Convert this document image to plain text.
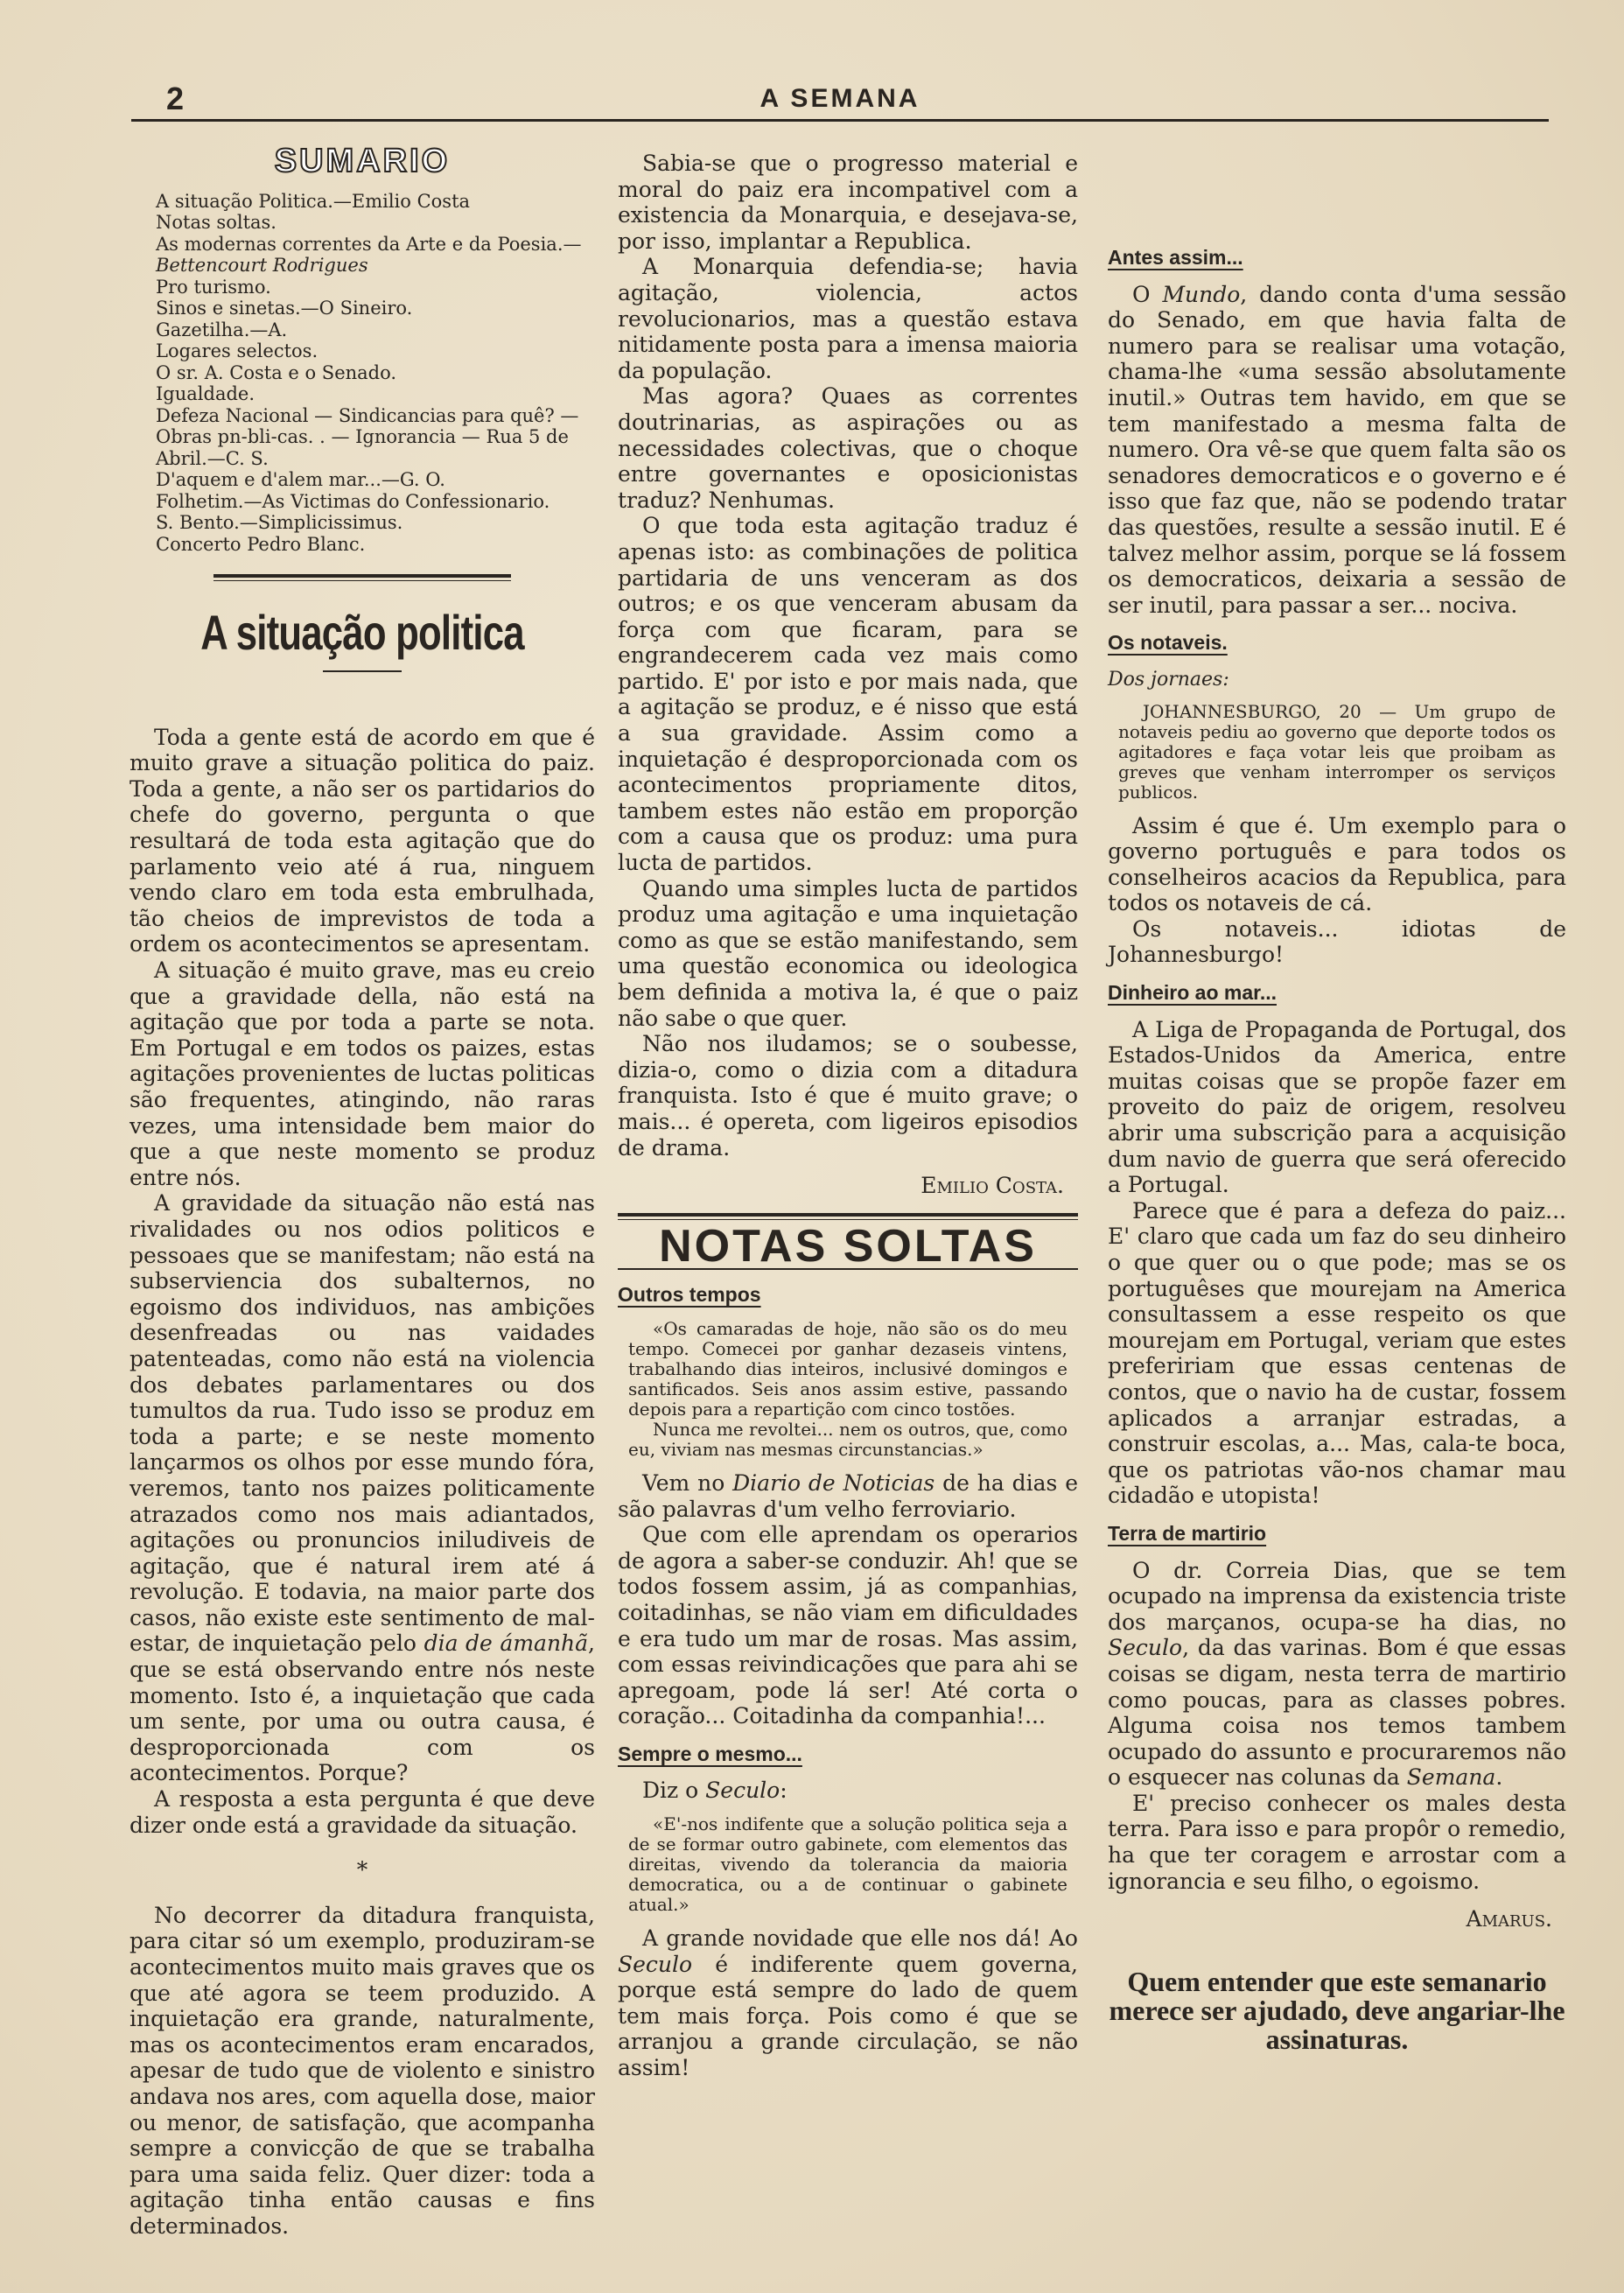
2	A SEMANA
SUMARIO
A situação Politica.—Emilio Costa
Notas soltas.
As modernas correntes da Arte e da Poesia.—
Bettencourt Rodrigues
Pro turismo.
Sinos e sinetas.—O Sineiro.
Gazetilha.—A.
Logares selectos.
O sr. A. Costa e o Senado.
Igualdade.
Defeza Nacional — Sindicancias para quê? —
Obras pn-bli-cas. . — Ignorancia — Rua 5 de
Abril.—C. S.
D'aquem e d'alem mar...—G. O.
Folhetim.—As Victimas do Confessionario.
S. Bento.—Simplicissimus.
Concerto Pedro Blanc.
A situação politica

Toda a gente está de acordo em que é muito grave a situação politica do paiz. Toda a gente, a não ser os partidarios do chefe do governo, pergunta o que resultará de toda esta agitação que do parlamento veio até á rua, ninguem vendo claro em toda esta embrulhada, tão cheios de imprevistos de toda a ordem os acontecimentos se apresentam.

A situação é muito grave, mas eu creio que a gravidade della, não está na agitação que por toda a parte se nota. Em Portugal e em todos os paizes, estas agitações provenientes de luctas politicas são frequentes, atingindo, não raras vezes, uma intensidade bem maior do que a que neste momento se produz entre nós.

A gravidade da situação não está nas rivalidades ou nos odios politicos e pessoaes que se manifestam; não está na subserviencia dos subalternos, no egoismo dos individuos, nas ambições desenfreadas ou nas vaidades patenteadas, como não está na violencia dos debates parlamentares ou dos tumultos da rua. Tudo isso se produz em toda a parte; e se neste momento lançarmos os olhos por esse mundo fóra, veremos, tanto nos paizes politicamente atrazados como nos mais adiantados, agitações ou pronuncios iniludiveis de agitação, que é natural irem até á revolução. E todavia, na maior parte dos casos, não existe este sentimento de mal-estar, de inquietação pelo dia de ámanhã, que se está observando entre nós neste momento. Isto é, a inquietação que cada um sente, por uma ou outra causa, é desproporcionada com os acontecimentos. Porque?

A resposta a esta pergunta é que deve dizer onde está a gravidade da situação.

*

No decorrer da ditadura franquista, para citar só um exemplo, produziram-se acontecimentos muito mais graves que os que até agora se teem produzido. A inquietação era grande, naturalmente, mas os acontecimentos eram encarados, apesar de tudo que de violento e sinistro andava nos ares, com aquella dose, maior ou menor, de satisfação, que acompanha sempre a convicção de que se trabalha para uma saida feliz. Quer dizer: toda a agitação tinha então causas e fins determinados.

Sabia-se que o progresso material e moral do paiz era incompativel com a existencia da Monarquia, e desejava-se, por isso, implantar a Republica.

A Monarquia defendia-se; havia agitação, violencia, actos revolucionarios, mas a questão estava nitidamente posta para a imensa maioria da população.

Mas agora? Quaes as correntes doutrinarias, as aspirações ou as necessidades colectivas, que o choque entre governantes e oposicionistas traduz? Nenhumas.

O que toda esta agitação traduz é apenas isto: as combinações de politica partidaria de uns venceram as dos outros; e os que venceram abusam da força com que ficaram, para se engrandecerem cada vez mais como partido. E' por isto e por mais nada, que a agitação se produz, e é nisso que está a sua gravidade. Assim como a inquietação é desproporcionada com os acontecimentos propriamente ditos, tambem estes não estão em proporção com a causa que os produz: uma pura lucta de partidos.

Quando uma simples lucta de partidos produz uma agitação e uma inquietação como as que se estão manifestando, sem uma questão economica ou ideologica bem definida a motiva la, é que o paiz não sabe o que quer.

Não nos iludamos; se o soubesse, dizia-o, como o dizia com a ditadura franquista. Isto é que é muito grave; o mais... é opereta, com ligeiros episodios de drama.

Emilio Costa.
NOTAS SOLTAS
Outros tempos

«Os camaradas de hoje, não são os do meu tempo. Comecei por ganhar dezaseis vintens, trabalhando dias inteiros, inclusivé domingos e santificados. Seis anos assim estive, passando depois para a repartição com cinco tostões.

Nunca me revoltei... nem os outros, que, como eu, viviam nas mesmas circunstancias.»

Vem no Diario de Noticias de ha dias e são palavras d'um velho ferroviario.

Que com elle aprendam os operarios de agora a saber-se conduzir. Ah! que se todos fossem assim, já as companhias, coitadinhas, se não viam em dificuldades e era tudo um mar de rosas. Mas assim, com essas reivindicações que para ahi se apregoam, pode lá ser! Até corta o coração... Coitadinha da companhia!...

Sempre o mesmo...
Diz o Seculo:

«E'-nos indifente que a solução politica seja a de se formar outro gabinete, com elementos das direitas, vivendo da tolerancia da maioria democratica, ou a de continuar o gabinete atual.»

A grande novidade que elle nos dá! Ao Seculo é indiferente quem governa, porque está sempre do lado de quem tem mais força. Pois como é que se arranjou a grande circulação, se não assim!

Antes assim...

O Mundo, dando conta d'uma sessão do Senado, em que havia falta de numero para se realisar uma votação, chama-lhe «uma sessão absolutamente inutil.» Outras tem havido, em que se tem manifestado a mesma falta de numero. Ora vê-se que quem falta são os senadores democraticos e o governo e é isso que faz que, não se podendo tratar das questões, resulte a sessão inutil. E é talvez melhor assim, porque se lá fossem os democraticos, deixaria a sessão de ser inutil, para passar a ser... nociva.

Os notaveis.
Dos jornaes:

JOHANNESBURGO, 20 — Um grupo de notaveis pediu ao governo que deporte todos os agitadores e faça votar leis que proibam as greves que venham interromper os serviços publicos.

Assim é que é. Um exemplo para o governo português e para todos os conselheiros acacios da Republica, para todos os notaveis de cá.

Os notaveis... idiotas de Johannesburgo!

Dinheiro ao mar...

A Liga de Propaganda de Portugal, dos Estados-Unidos da America, entre muitas coisas que se propõe fazer em proveito do paiz de origem, resolveu abrir uma subscrição para a acquisição dum navio de guerra que será oferecido a Portugal.

Parece que é para a defeza do paiz... E' claro que cada um faz do seu dinheiro o que quer ou o que pode; mas se os portuguêses que mourejam na America consultassem a esse respeito os que mourejam em Portugal, veriam que estes prefeririam que essas centenas de contos, que o navio ha de custar, fossem aplicados a arranjar estradas, a construir escolas, a... Mas, cala-te boca, que os patriotas vão-nos chamar mau cidadão e utopista!

Terra de martirio

O dr. Correia Dias, que se tem ocupado na imprensa da existencia triste dos marçanos, ocupa-se ha dias, no Seculo, da das varinas. Bom é que essas coisas se digam, nesta terra de martirio como poucas, para as classes pobres. Alguma coisa nos temos tambem ocupado do assunto e procuraremos não o esquecer nas colunas da Semana.

E' preciso conhecer os males desta terra. Para isso e para propôr o remedio, ha que ter coragem e arrostar com a ignorancia e seu filho, o egoismo.

Amarus.
Quem entender que este semanario merece ser ajudado, deve angariar-lhe assinaturas.
